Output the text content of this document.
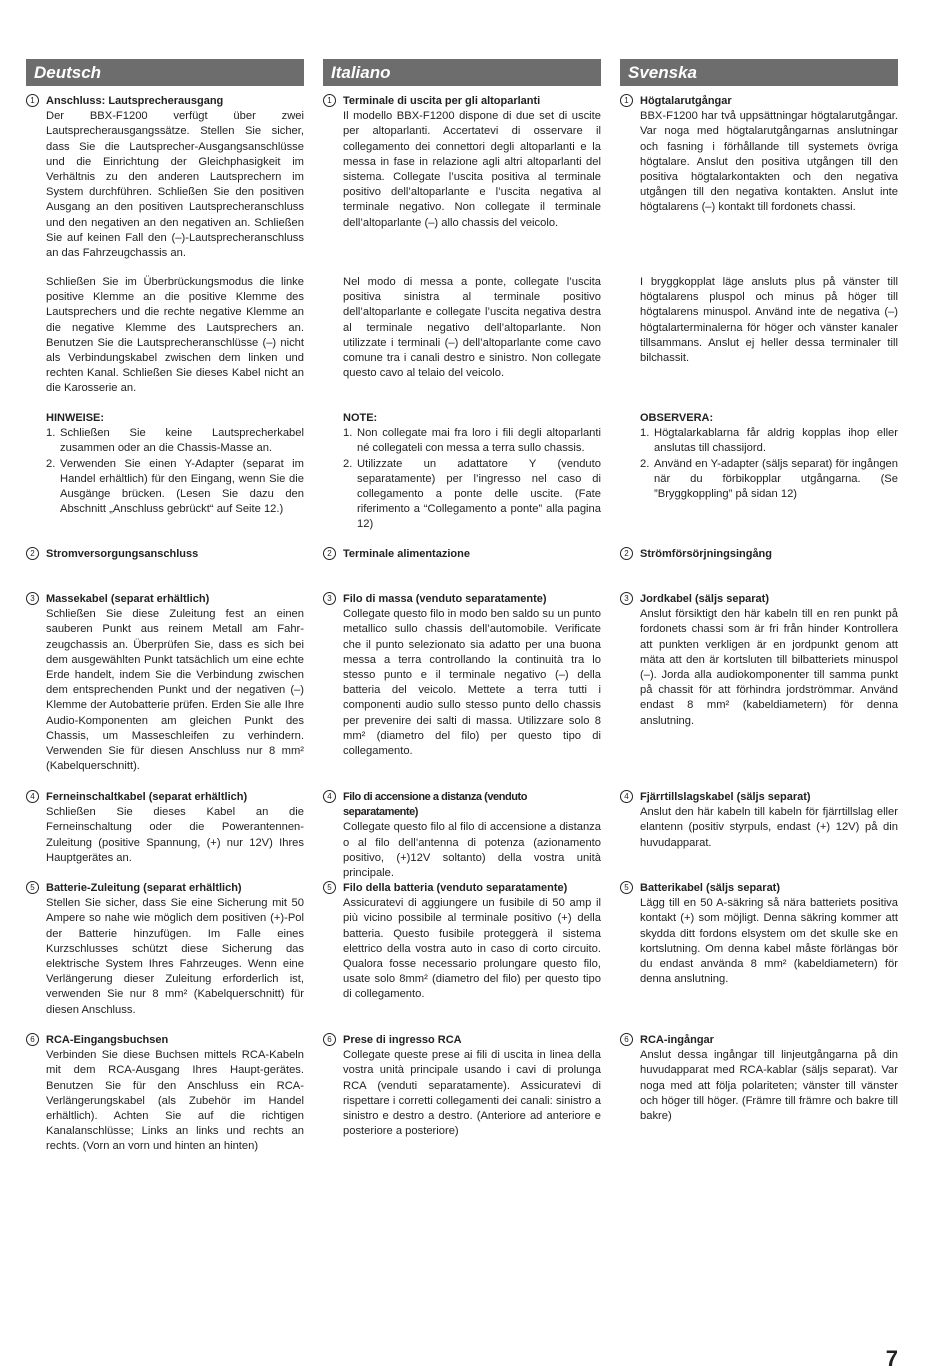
Deutsch
1	Anschluss: Lautsprecherausgang
Der BBX-F1200 verfügt über zwei Lautsprecherausgangssätze. Stellen Sie sicher, dass Sie die Lautsprecher-Ausgangsanschlüsse und die Einrichtung der Gleichphasigkeit im Verhältnis zu den anderen Lautsprechern im System durchführen. Schließen Sie den positiven Ausgang an den positiven Lautsprecheranschluss und den negativen an den negativen an. Schließen Sie auf keinen Fall den (–)-Lautsprecheranschluss an das Fahrzeugchassis an.
Schließen Sie im Überbrückungsmodus die linke positive Klemme an die positive Klemme des Lautsprechers und die rechte negative Klemme an die negative Klemme des Lautsprechers an. Benutzen Sie die Lautsprecheranschlüsse (–) nicht als Verbindungskabel zwischen dem linken und rechten Kanal. Schließen Sie dieses Kabel nicht an die Karosserie an.
HINWEISE:
1. Schließen Sie keine Lautsprecherkabel zusammen oder an die Chassis-Masse an.
2. Verwenden Sie einen Y-Adapter (separat im Handel erhältlich) für den Eingang, wenn Sie die Ausgänge brücken. (Lesen Sie dazu den Abschnitt „Anschluss gebrückt“ auf Seite 12.)
2	Stromversorgungsanschluss
3	Massekabel (separat erhältlich)
Schließen Sie diese Zuleitung fest an einen sauberen Punkt aus reinem Metall am Fahr-zeugchassis an. Überprüfen Sie, dass es sich bei dem ausgewählten Punkt tatsächlich um eine echte Erde handelt, indem Sie die Verbindung zwischen dem entsprechenden Punkt und der negativen (–) Klemme der Autobatterie prüfen. Erden Sie alle Ihre Audio-Komponenten am gleichen Punkt des Chassis, um Masseschleifen zu verhindern. Verwenden Sie für diesen Anschluss nur 8 mm² (Kabelquerschnitt).
4	Ferneinschaltkabel (separat erhältlich)
Schließen Sie dieses Kabel an die Ferneinschaltung oder die Powerantennen-Zuleitung (positive Spannung, (+) nur 12V) Ihres Hauptgerätes an.
5	Batterie-Zuleitung (separat erhältlich)
Stellen Sie sicher, dass Sie eine Sicherung mit 50 Ampere so nahe wie möglich dem positiven (+)-Pol der Batterie hinzufügen. Im Falle eines Kurzschlusses schützt diese Sicherung das elektrische System Ihres Fahrzeuges. Wenn eine Verlängerung dieser Zuleitung erforderlich ist, verwenden Sie nur 8 mm² (Kabelquerschnitt) für diesen Anschluss.
6	RCA-Eingangsbuchsen
Verbinden Sie diese Buchsen mittels RCA-Kabeln mit dem RCA-Ausgang Ihres Haupt-gerätes. Benutzen Sie für den Anschluss ein RCA-Verlängerungskabel (als Zubehör im Handel erhältlich). Achten Sie auf die richtigen Kanalanschlüsse; Links an links und rechts an rechts. (Vorn an vorn und hinten an hinten)
Italiano
1	Terminale di uscita per gli altoparlanti
Il modello BBX-F1200 dispone di due set di uscite per altoparlanti. Accertatevi di osservare il collegamento dei connettori degli altoparlanti e la messa in fase in relazione agli altri altoparlanti del sistema. Collegate l’uscita positiva al terminale positivo dell’altoparlante e l’uscita negativa al terminale negativo. Non collegate il terminale dell’altoparlante (–) allo chassis del veicolo.
Nel modo di messa a ponte, collegate l’uscita positiva sinistra al terminale positivo dell’altoparlante e collegate l’uscita negativa destra al terminale negativo dell’altoparlante. Non utilizzate i terminali (–) dell’altoparlante come cavo comune tra i canali destro e sinistro. Non collegate questo cavo al telaio del veicolo.
NOTE:
1. Non collegate mai fra loro i fili degli altoparlanti né collegateli con messa a terra sullo chassis.
2. Utilizzate un adattatore Y (venduto separatamente) per l’ingresso nel caso di collegamento a ponte delle uscite. (Fate riferimento a “Collegamento a ponte” alla pagina 12)
2	Terminale alimentazione
3	Filo di massa (venduto separatamente)
Collegate questo filo in modo ben saldo su un punto metallico sullo chassis dell’automobile. Verificate che il punto selezionato sia adatto per una buona messa a terra controllando la continuità tra lo stesso punto e il terminale negativo (–) della batteria del veicolo. Mettete a terra tutti i componenti audio sullo stesso punto dello chassis per prevenire dei salti di massa. Utilizzare solo 8 mm² (diametro del filo) per questo tipo di collegamento.
4	Filo di accensione a distanza (venduto separatamente)
Collegate questo filo al filo di accensione a distanza o al filo dell’antenna di potenza (azionamento positivo, (+)12V soltanto) della vostra unità principale.
5	Filo della batteria (venduto separatamente)
Assicuratevi di aggiungere un fusibile di 50 amp il più vicino possibile al terminale positivo (+) della batteria. Questo fusibile proteggerà il sistema elettrico della vostra auto in caso di corto circuito. Qualora fosse necessario prolungare questo filo, usate solo 8mm² (diametro del filo) per questo tipo di collegamento.
6	Prese di ingresso RCA
Collegate queste prese ai fili di uscita in linea della vostra unità principale usando i cavi di prolunga RCA (venduti separatamente). Assicuratevi di rispettare i corretti collegamenti dei canali: sinistro a sinistro e destro a destro. (Anteriore ad anteriore e posteriore a posteriore)
Svenska
1	Högtalarutgångar
BBX-F1200 har två uppsättningar högtalarutgångar. Var noga med högtalarutgångarnas anslutningar och fasning i förhållande till systemets övriga högtalare. Anslut den positiva utgången till den positiva högtalarkontakten och den negativa utgången till den negativa kontakten. Anslut inte högtalarens (–) kontakt till fordonets chassi.
I bryggkopplat läge ansluts plus på vänster till högtalarens pluspol och minus på höger till högtalarens minuspol. Använd inte de negativa (–) högtalarterminalerna för höger och vänster kanaler tillsammans. Anslut ej heller dessa terminaler till bilchassit.
OBSERVERA:
1. Högtalarkablarna får aldrig kopplas ihop eller anslutas till chassijord.
2. Använd en Y-adapter (säljs separat) för ingången när du förbikopplar utgångarna. (Se ”Bryggkoppling” på sidan 12)
2	Strömförsörjningsingång
3	Jordkabel (säljs separat)
Anslut försiktigt den här kabeln till en ren punkt på fordonets chassi som är fri från hinder Kontrollera att punkten verkligen är en jordpunkt genom att mäta att den är kortsluten till bilbatteriets minuspol (–). Jorda alla audiokomponenter till samma punkt på chassit för att förhindra jordströmmar. Använd endast 8 mm² (kabeldiametern) för denna anslutning.
4	Fjärrtillslagskabel (säljs separat)
Anslut den här kabeln till kabeln för fjärrtillslag eller elantenn (positiv styrpuls, endast (+) 12V) på din huvudapparat.
5	Batterikabel (säljs separat)
Lägg till en 50 A-säkring så nära batteriets positiva kontakt (+) som möjligt. Denna säkring kommer att skydda ditt fordons elsystem om det skulle ske en kortslutning. Om denna kabel måste förlängas bör du endast använda 8 mm² (kabeldiametern) för denna anslutning.
6	RCA-ingångar
Anslut dessa ingångar till linjeutgångarna på din huvudapparat med RCA-kablar (säljs separat). Var noga med att följa polariteten; vänster till vänster och höger till höger. (Främre till främre och bakre till bakre)
7
